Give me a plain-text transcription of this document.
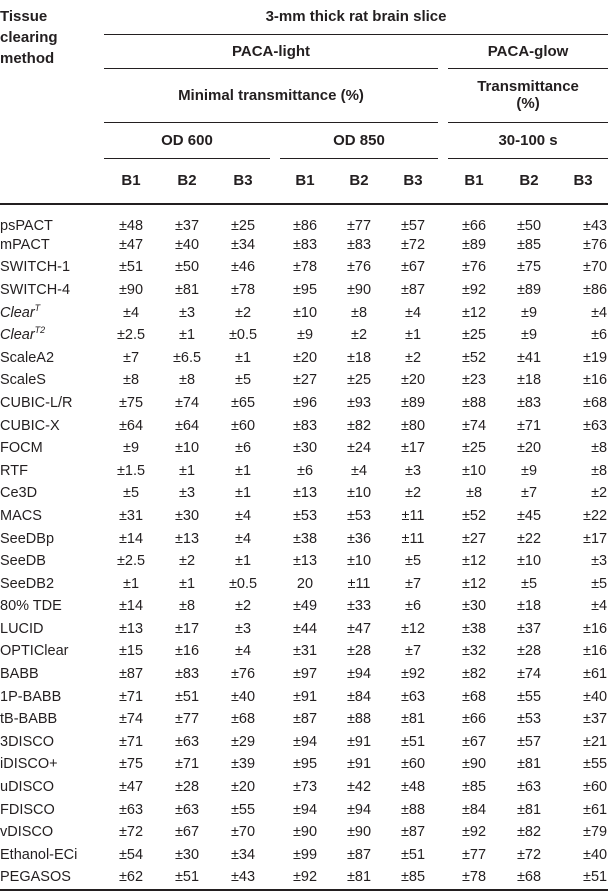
Tissue
clearing
method	3-mm thick rat brain slice										
	PACA-light								PACA-glow		
	Minimal transmittance (%)								Transmittance
(%)		

	OD 600				OD 850				30-100 s		
	B1	B2	B3		B1	B2	B3		B1	B2	B3
psPACT	±48	±37	±25		±86	±77	±57		±66	±50	±43
mPACT	±47	±40	±34		±83	±83	±72		±89	±85	±76
SWITCH-1	±51	±50	±46		±78	±76	±67		±76	±75	±70
SWITCH-4	±90	±81	±78		±95	±90	±87		±92	±89	±86
Clear$^T$	±4	±3	±2		±10	±8	±4		±12	±9	±4
Clear$^{T2}$	±2.5	±1	±0.5		±9	±2	±1		±25	±9	±6
ScaleA2	±7	±6.5	±1		±20	±18	±2		±52	±41	±19
ScaleS	±8	±8	±5		±27	±25	±20		±23	±18	±16
CUBIC-L/R	±75	±74	±65		±96	±93	±89		±88	±83	±68
CUBIC-X	±64	±64	±60		±83	±82	±80		±74	±71	±63
FOCM	±9	±10	±6		±30	±24	±17		±25	±20	±8
RTF	±1.5	±1	±1		±6	±4	±3		±10	±9	±8
Ce3D	±5	±3	±1		±13	±10	±2		±8	±7	±2
MACS	±31	±30	±4		±53	±53	±11		±52	±45	±22
SeeDBp	±14	±13	±4		±38	±36	±11		±27	±22	±17
SeeDB	±2.5	±2	±1		±13	±10	±5		±12	±10	±3
SeeDB2	±1	±1	±0.5		20	±11	±7		±12	±5	±5
80% TDE	±14	±8	±2		±49	±33	±6		±30	±18	±4
LUCID	±13	±17	±3		±44	±47	±12		±38	±37	±16
OPTIClear	±15	±16	±4		±31	±28	±7		±32	±28	±16
BABB	±87	±83	±76		±97	±94	±92		±82	±74	±61
1P-BABB	±71	±51	±40		±91	±84	±63		±68	±55	±40
tB-BABB	±74	±77	±68		±87	±88	±81		±66	±53	±37
3DISCO	±71	±63	±29		±94	±91	±51		±67	±57	±21
iDISCO+	±75	±71	±39		±95	±91	±60		±90	±81	±55
uDISCO	±47	±28	±20		±73	±42	±48		±85	±63	±60
FDISCO	±63	±63	±55		±94	±94	±88		±84	±81	±61
vDISCO	±72	±67	±70		±90	±90	±87		±92	±82	±79
Ethanol-ECi	±54	±30	±34		±99	±87	±51		±77	±72	±40
PEGASOS	±62	±51	±43		±92	±81	±85		±78	±68	±51
